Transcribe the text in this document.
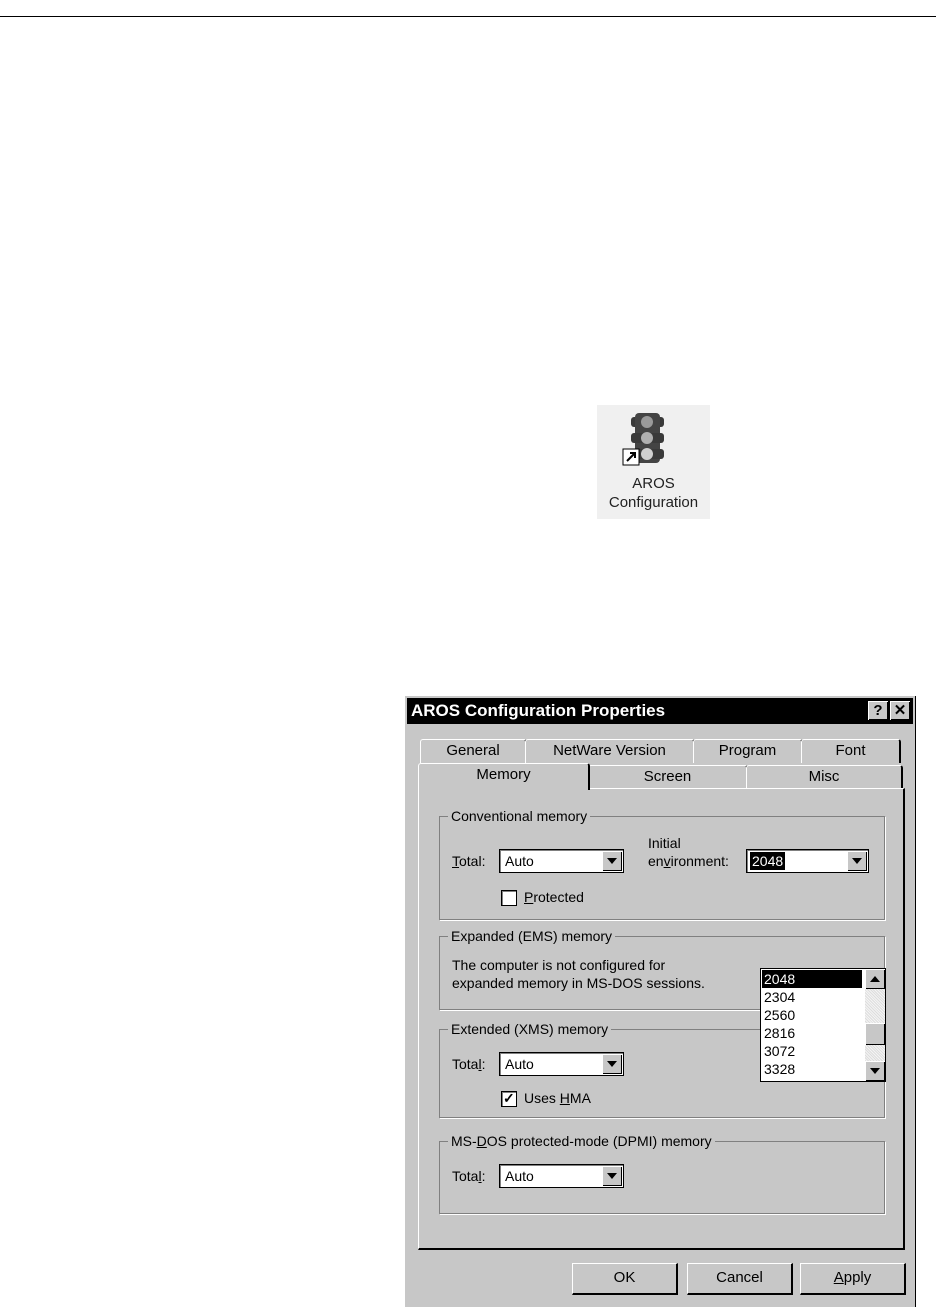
AROS
Configuration
AROS Configuration Properties	? ✕
General	NetWare Version	Program	Font
Memory	Screen	Misc
Conventional memory
Total: Auto
Initial
environment: 2048
Protected
Expanded (EMS) memory
The computer is not configured for
expanded memory in MS-DOS sessions.
Extended (XMS) memory
Total: Auto
✓ Uses HMA
MS-DOS protected-mode (DPMI) memory
Total: Auto
2048
2304
2560
2816
3072
3328
OK	Cancel	Apply
